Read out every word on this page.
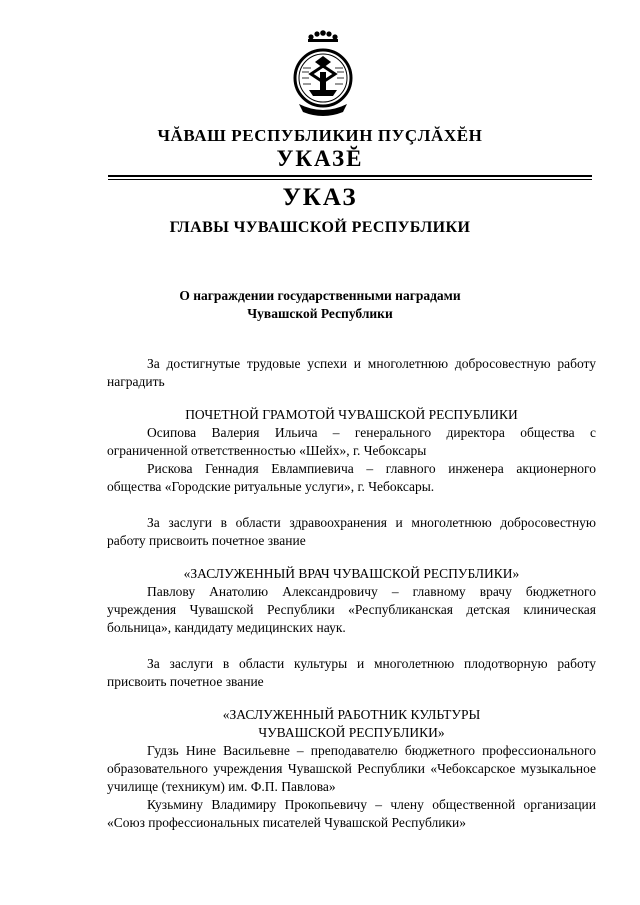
ЧĂВАШ РЕСПУБЛИКИН ПУÇЛĂХĔН
УКАЗĔ
УКАЗ
ГЛАВЫ ЧУВАШСКОЙ РЕСПУБЛИКИ
О награждении государственными наградами
Чувашской Республики

За достигнутые трудовые успехи и многолетнюю добросовестную работу наградить

ПОЧЕТНОЙ ГРАМОТОЙ ЧУВАШСКОЙ РЕСПУБЛИКИ

Осипова Валерия Ильича – генерального директора общества с ограниченной ответственностью «Шейх», г. Чебоксары

Рискова Геннадия Евлампиевича – главного инженера акционерного общества «Городские ритуальные услуги», г. Чебоксары.

За заслуги в области здравоохранения и многолетнюю добросовестную работу присвоить почетное звание

«ЗАСЛУЖЕННЫЙ ВРАЧ ЧУВАШСКОЙ РЕСПУБЛИКИ»

Павлову Анатолию Александровичу – главному врачу бюджетного учреждения Чувашской Республики «Республиканская детская клиническая больница», кандидату медицинских наук.

За заслуги в области культуры и многолетнюю плодотворную работу присвоить почетное звание

«ЗАСЛУЖЕННЫЙ РАБОТНИК КУЛЬТУРЫ

ЧУВАШСКОЙ РЕСПУБЛИКИ»

Гудзь Нине Васильевне – преподавателю бюджетного профессионального образовательного учреждения Чувашской Республики «Чебоксарское музыкальное училище (техникум) им. Ф.П. Павлова»

Кузьмину Владимиру Прокопьевичу – члену общественной организации «Союз профессиональных писателей Чувашской Республики»
